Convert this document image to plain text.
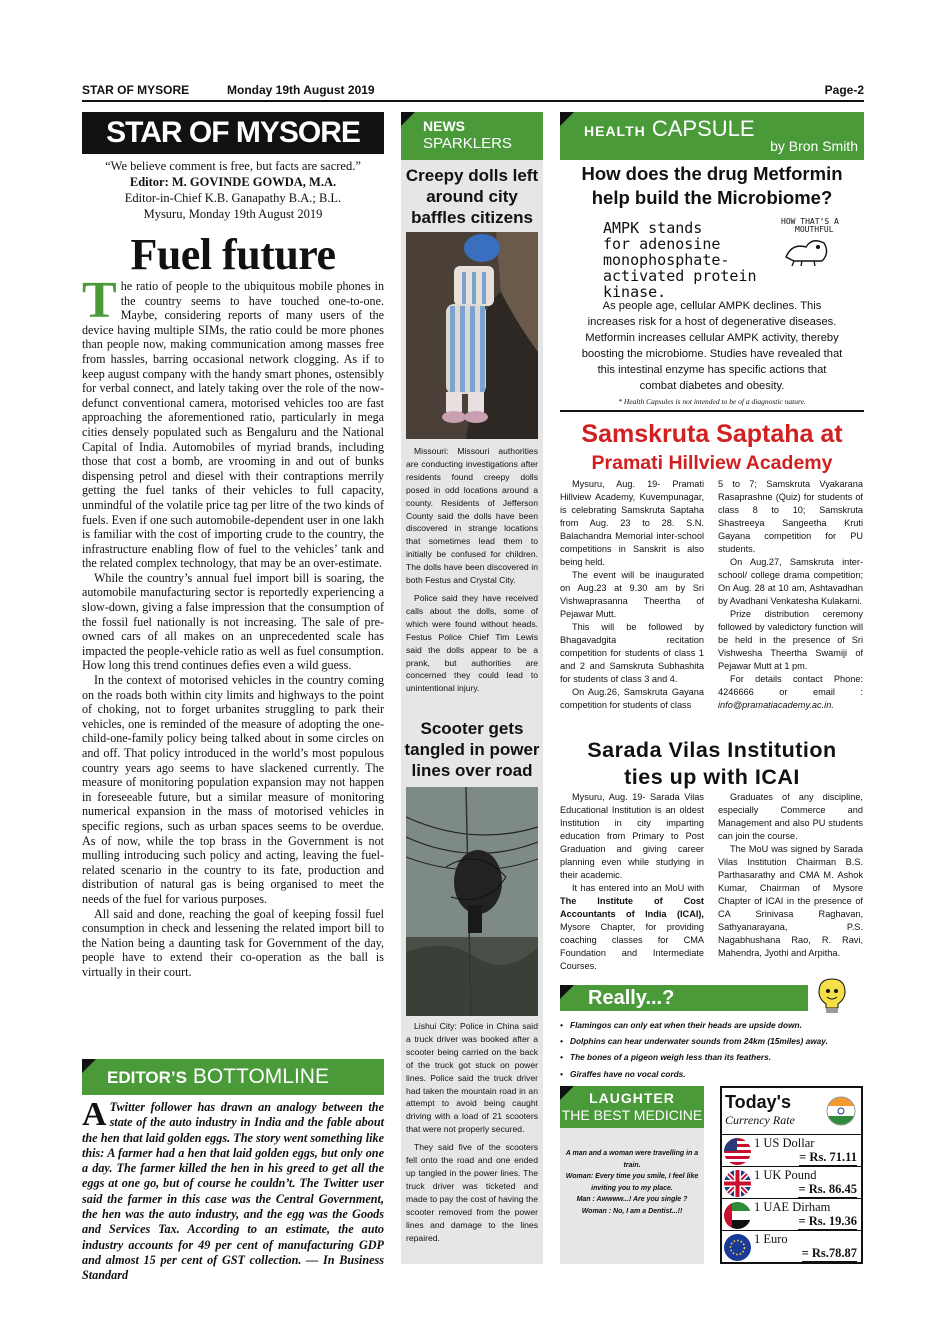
STAR OF MYSORE	Monday 19th August 2019	Page-2
STAR OF MYSORE
“We believe comment is free, but facts are sacred.”
Editor: M. GOVINDE GOWDA, M.A.
Editor-in-Chief K.B. Ganapathy B.A.; B.L.
Mysuru, Monday 19th August 2019
Fuel future

The ratio of people to the ubiquitous mobile phones in the country seems to have touched one-to-one. Maybe, considering reports of many users of the device having multiple SIMs, the ratio could be more phones than people now, making communication among masses free from hassles, barring occasional network clogging. As if to keep august company with the handy smart phones, ostensibly for verbal connect, and lately taking over the role of the now-defunct conventional camera, motorised vehicles too are fast approaching the aforementioned ratio, particularly in mega cities densely populated such as Bengaluru and the National Capital of India. Automobiles of myriad brands, including those that cost a bomb, are vrooming in and out of bunks dispensing petrol and diesel with their contraptions merrily getting the fuel tanks of their vehicles to full capacity, unmindful of the volatile price tag per litre of the two kinds of fuels. Even if one such automobile-dependent user in one lakh is familiar with the cost of importing crude to the country, the infrastructure enabling flow of fuel to the vehicles’ tank and the related complex technology, that may be an over-estimate.

While the country’s annual fuel import bill is soaring, the automobile manufacturing sector is reportedly experiencing a slow-down, giving a false impression that the consumption of the fossil fuel nationally is not increasing. The sale of pre-owned cars of all makes on an unprecedented scale has impacted the people-vehicle ratio as well as fuel consumption. How long this trend continues defies even a wild guess.

In the context of motorised vehicles in the country coming on the roads both within city limits and highways to the point of choking, not to forget urbanites struggling to park their vehicles, one is reminded of the measure of adopting the one-child-one-family policy being talked about in some circles on and off. That policy introduced in the world’s most populous country years ago seems to have slackened currently. The measure of monitoring population expansion may not happen in foreseeable future, but a similar measure of monitoring numerical expansion in the mass of motorised vehicles in specific regions, such as urban spaces seems to be overdue. As of now, while the top brass in the Government is not mulling introducing such policy and acting, leaving the fuel-related scenario in the country to its fate, production and distribution of natural gas is being organised to meet the needs of the fuel for various purposes.

All said and done, reaching the goal of keeping fossil fuel consumption in check and lessening the related import bill to the Nation being a daunting task for Government of the day, people have to extend their co-operation as the ball is virtually in their court.

EDITOR’S BOTTOMLINE
A Twitter follower has drawn an analogy between the state of the auto industry in India and the fable about the hen that laid golden eggs. The story went something like this: A farmer had a hen that laid golden eggs, but only one a day. The farmer killed the hen in his greed to get all the eggs at one go, but of course he couldn’t. The Twitter user said the farmer in this case was the Central Government, the hen was the auto industry, and the egg was the Goods and Services Tax. According to an estimate, the auto industry accounts for 49 per cent of manufacturing GDP and almost 15 per cent of GST collection. — In Business Standard
NEWS
SPARKLERS
Creepy dolls left around city baffles citizens

Missouri: Missouri authorities are conducting investigations after residents found creepy dolls posed in odd locations around a county. Residents of Jefferson County said the dolls have been discovered in strange locations that sometimes lead them to initially be confused for children. The dolls have been discovered in both Festus and Crystal City.

Police said they have received calls about the dolls, some of which were found without heads. Festus Police Chief Tim Lewis said the dolls appear to be a prank, but authorities are concerned they could lead to unintentional injury.

Scooter gets tangled in power lines over road

Lishui City: Police in China said a truck driver was booked after a scooter being carried on the back of the truck got stuck on power lines. Police said the truck driver had taken the mountain road in an attempt to avoid being caught driving with a load of 21 scooters that were not properly secured.

They said five of the scooters fell onto the road and one ended up tangled in the power lines. The truck driver was ticketed and made to pay the cost of having the scooter removed from the power lines and damage to the lines repaired.

HEALTH CAPSULE
by Bron Smith
How does the drug Metformin help build the Microbiome?
AMPK stands
for adenosine
monophosphate-
activated protein kinase.
HOW THAT’S A
MOUTHFUL
As people age, cellular AMPK declines. This increases risk for a host of degenerative diseases. Metformin increases cellular AMPK activity, thereby boosting the microbiome. Studies have revealed that this intestinal enzyme has specific actions that combat diabetes and obesity.
* Health Capsules is not intended to be of a diagnostic nature.
Samskruta Saptaha at
Pramati Hillview Academy

Mysuru, Aug. 19- Pramati Hillview Academy, Kuvempunagar, is celebrating Samskruta Saptaha from Aug. 23 to 28. S.N. Balachandra Memorial inter-school competitions in Sanskrit is also being held.

The event will be inaugurated on Aug.23 at 9.30 am by Sri Vishwaprasanna Theertha of Pejawar Mutt.

This will be followed by Bhagavadgita recitation competition for students of class 1 and 2 and Samskruta Subhashita for students of class 3 and 4.

On Aug.26, Samskruta Gayana competition for students of class

5 to 7; Samskruta Vyakarana Rasaprashne (Quiz) for students of class 8 to 10; Samskruta Shastreeya Sangeetha Kruti Gayana competition for PU students.

On Aug.27, Samskruta inter-school/ college drama competition; On Aug. 28 at 10 am, Ashtavadhan by Avadhani Venkatesha Kulakarni.

Prize distribution ceremony followed by valedictory function will be held in the presence of Sri Vishwesha Theertha Swamiji of Pejawar Mutt at 1 pm.

For details contact Phone: 4246666 or email : info@pramatiacademy.ac.in.

Sarada Vilas Institution
ties up with ICAI

Mysuru, Aug. 19- Sarada Vilas Educational Institution is an oldest Institution in city imparting education from Primary to Post Graduation and giving career planning even while studying in their academic.

It has entered into an MoU with The Institute of Cost Accountants of India (ICAI), Mysore Chapter, for providing coaching classes for CMA Foundation and Intermediate Courses.

Graduates of any discipline, especially Commerce and Management and also PU students can join the course.

The MoU was signed by Sarada Vilas Institution Chairman B.S. Parthasarathy and CMA M. Ashok Kumar, Chairman of Mysore Chapter of ICAI in the presence of CA Srinivasa Raghavan, Sathyanarayana, P.S. Nagabhushana Rao, R. Ravi, Mahendra, Jyothi and Arpitha.

Really...?
• Flamingos can only eat when their heads are upside down.
• Dolphins can hear underwater sounds from 24km (15miles) away.
• The bones of a pigeon weigh less than its feathers.
• Giraffes have no vocal cords.
LAUGHTER
THE BEST MEDICINE
A man and a woman were travelling in a train.
Woman: Every time you smile, I feel like inviting you to my place.
Man : Awwww...! Are you single ?
Woman : No, I am a Dentist...!!
Today's
Currency Rate
1 US Dollar
= Rs. 71.11
1 UK Pound
= Rs. 86.45
1 UAE Dirham
= Rs. 19.36
1 Euro
= Rs.78.87
